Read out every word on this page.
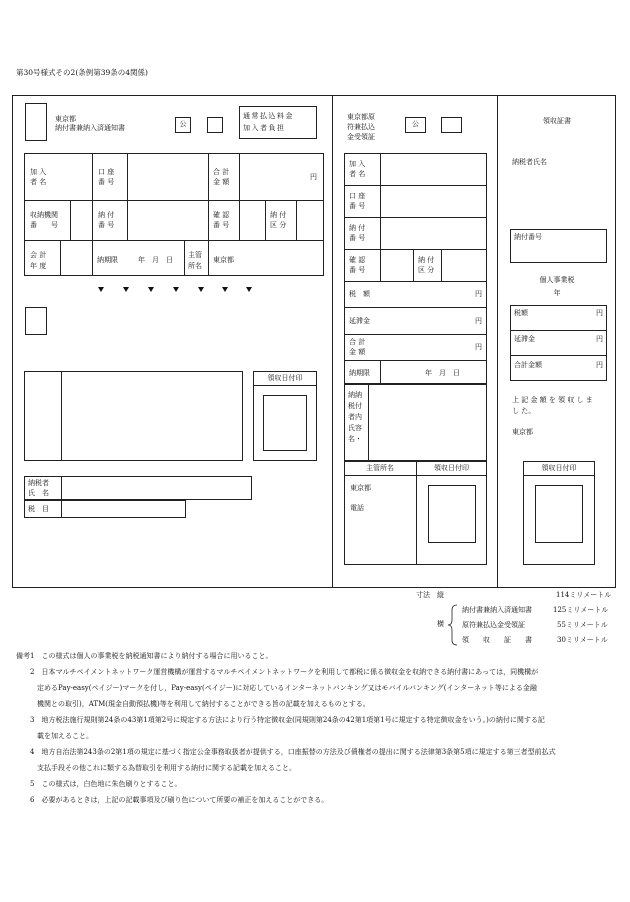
第30号様式その2(条例第39条の4関係)
東京都
納付書兼納入済通知書	公
通常払込料金
加入者負担
加 入
者 名
口 座
番 号
合 計
金 額
円
収納機関
番　　号
納 付
番 号
確 認
番 号
納 付
区 分
会 計
年 度
納期限	年　月　日
主管
所名
東京都
領収日付印
納税者
氏　名
税　目
東京都原
符兼払込
金受領証
公
加 入
者 名
口 座
番 号
納 付
番 号
確 認
番 号
納 付
区 分
税　額	円
延滞金	円
合 計
金 額
円
納期限	年　月　日
納納
税付
者内
氏容
名・
主管所名	領収日付印
東京都
電話
領収証書
納税者氏名
納付番号
個人事業税
年
税額	円
延滞金	円
合計金額	円
上 記 金 額 を 領 収 し ま
し た。
東京都
領収日付印
寸法　縦	114ミリメートル
横
納付書兼納入済通知書	125ミリメートル
原符兼払込金受領証	55ミリメートル
領　　収　　証　　書	30ミリメートル
備考1　この様式は個人の事業税を納税通知書により納付する場合に用いること。
　　2　日本マルチペイメントネットワーク運営機構が運営するマルチペイメントネットワークを利用して都税に係る徴収金を収納できる納付書にあっては，同機構が
　　　定めるPay-easy(ペイジー)マークを付し，Pay-easy(ペイジー)に対応しているインターネットバンキング又はモバイルバンキング(インターネット等による金融
　　　機関との取引)，ATM(現金自動預払機)等を利用して納付することができる旨の記載を加えるものとする。
　　3　地方税法施行規則第24条の43第1項第2号に規定する方法により行う特定徴収金(同規則第24条の42第1項第1号に規定する特定徴収金をいう。)の納付に関する記
　　　載を加えること。
　　4　地方自治法第243条の2第1項の規定に基づく指定公金事務取扱者が提供する，口座振替の方法及び債権者の提出に関する法律第3条第5項に規定する第三者型前払式
　　　支払手段その他これに類する為替取引を利用する納付に関する記載を加えること。
　　5　この様式は，白色地に朱色刷りとすること。
　　6　必要があるときは，上記の記載事項及び刷り色について所要の補正を加えることができる。
